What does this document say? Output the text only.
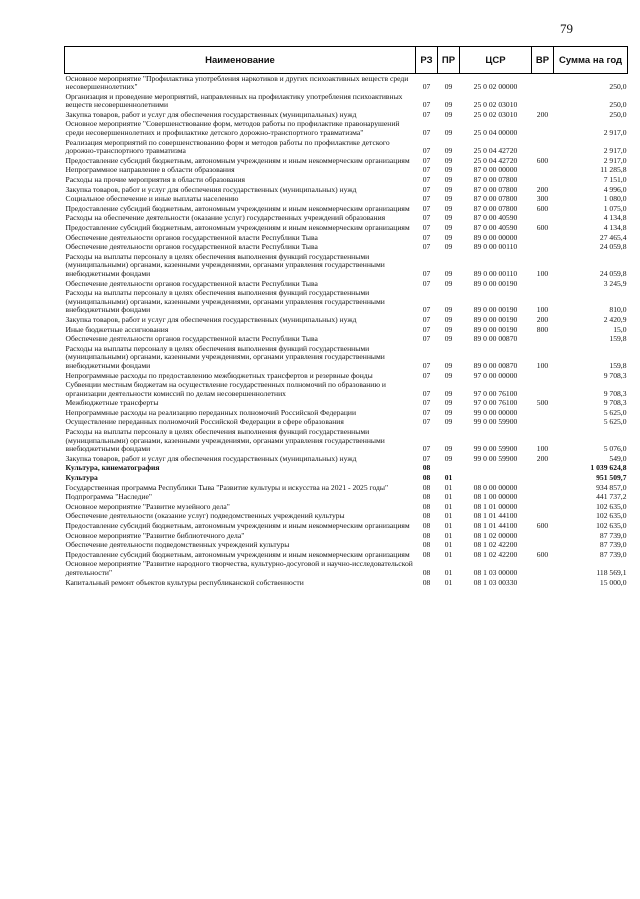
79
Наименование	РЗ	ПР	ЦСР	ВР	Сумма на год
Основное мероприятие "Профилактика употребления наркотиков и других психоактивных веществ среди несовершеннолетних"	07	09	25 0 02 00000		250,0
Организация и проведение мероприятий, направленных на профилактику употребления психоактивных веществ несовершеннолетними	07	09	25 0 02 03010		250,0
Закупка товаров, работ и услуг для обеспечения государственных (муниципальных) нужд	07	09	25 0 02 03010	200	250,0
Основное мероприятие "Совершенствование форм, методов работы по профилактике правонарушений среди несовершеннолетних и профилактике детского дорожно-транспортного травматизма"	07	09	25 0 04 00000		2 917,0
Реализация мероприятий по совершенствованию форм и методов работы по профилактике детского дорожно-транспортного травматизма	07	09	25 0 04 42720		2 917,0
Предоставление субсидий бюджетным, автономным учреждениям и иным некоммерческим организациям	07	09	25 0 04 42720	600	2 917,0
Непрограммное направление в области образования	07	09	87 0 00 00000		11 285,8
Расходы на прочие мероприятия в области образования	07	09	87 0 00 07800		7 151,0
Закупка товаров, работ и услуг для обеспечения государственных (муниципальных) нужд	07	09	87 0 00 07800	200	4 996,0
Социальное обеспечение и иные выплаты населению	07	09	87 0 00 07800	300	1 080,0
Предоставление субсидий бюджетным, автономным учреждениям и иным некоммерческим организациям	07	09	87 0 00 07800	600	1 075,0
Расходы на обеспечение деятельности (оказание услуг) государственных учреждений образования	07	09	87 0 00 40590		4 134,8
Предоставление субсидий бюджетным, автономным учреждениям и иным некоммерческим организациям	07	09	87 0 00 40590	600	4 134,8
Обеспечение деятельности органов государственной власти Республики Тыва	07	09	89 0 00 00000		27 465,4
Обеспечение деятельности органов государственной власти Республики Тыва	07	09	89 0 00 00110		24 059,8
Расходы на выплаты персоналу в целях обеспечения выполнения функций государственными (муниципальными) органами, казенными учреждениями, органами управления государственными внебюджетными фондами	07	09	89 0 00 00110	100	24 059,8
Обеспечение деятельности органов государственной власти Республики Тыва	07	09	89 0 00 00190		3 245,9
Расходы на выплаты персоналу в целях обеспечения выполнения функций государственными (муниципальными) органами, казенными учреждениями, органами управления государственными внебюджетными фондами	07	09	89 0 00 00190	100	810,0
Закупка товаров, работ и услуг для обеспечения государственных (муниципальных) нужд	07	09	89 0 00 00190	200	2 420,9
Иные бюджетные ассигнования	07	09	89 0 00 00190	800	15,0
Обеспечение деятельности органов государственной власти Республики Тыва	07	09	89 0 00 00870		159,8
Расходы на выплаты персоналу в целях обеспечения выполнения функций государственными (муниципальными) органами, казенными учреждениями, органами управления государственными внебюджетными фондами	07	09	89 0 00 00870	100	159,8
Непрограммные расходы по предоставлению межбюджетных трансфертов и резервные фонды	07	09	97 0 00 00000		9 708,3
Субвенции местным бюджетам на осуществление государственных полномочий по образованию и организации деятельности комиссий по делам несовершеннолетних	07	09	97 0 00 76100		9 708,3
Межбюджетные трансферты	07	09	97 0 00 76100	500	9 708,3
Непрограммные расходы на реализацию переданных полномочий Российской Федерации	07	09	99 0 00 00000		5 625,0
Осуществление переданных полномочий Российской Федерации в сфере образования	07	09	99 0 00 59900		5 625,0
Расходы на выплаты персоналу в целях обеспечения выполнения функций государственными (муниципальными) органами, казенными учреждениями, органами управления государственными внебюджетными фондами	07	09	99 0 00 59900	100	5 076,0
Закупка товаров, работ и услуг для обеспечения государственных (муниципальных) нужд	07	09	99 0 00 59900	200	549,0
Культура, кинематография	08				1 039 624,8
Культура	08	01			951 509,7
Государственная программа Республики Тыва "Развитие культуры и искусства на 2021 - 2025 годы"	08	01	08 0 00 00000		934 857,0
Подпрограмма "Наследие"	08	01	08 1 00 00000		441 737,2
Основное мероприятие "Развитие музейного дела"	08	01	08 1 01 00000		102 635,0
Обеспечение деятельности (оказание услуг) подведомственных учреждений культуры	08	01	08 1 01 44100		102 635,0
Предоставление субсидий бюджетным, автономным учреждениям и иным некоммерческим организациям	08	01	08 1 01 44100	600	102 635,0
Основное мероприятие "Развитие библиотечного дела"	08	01	08 1 02 00000		87 739,0
Обеспечение деятельности подведомственных учреждений культуры	08	01	08 1 02 42200		87 739,0
Предоставление субсидий бюджетным, автономным учреждениям и иным некоммерческим организациям	08	01	08 1 02 42200	600	87 739,0
Основное мероприятие "Развитие народного творчества, культурно-досуговой и научно-исследовательской деятельности"	08	01	08 1 03 00000		118 569,1
Капитальный ремонт объектов культуры республиканской собственности	08	01	08 1 03 00330		15 000,0
